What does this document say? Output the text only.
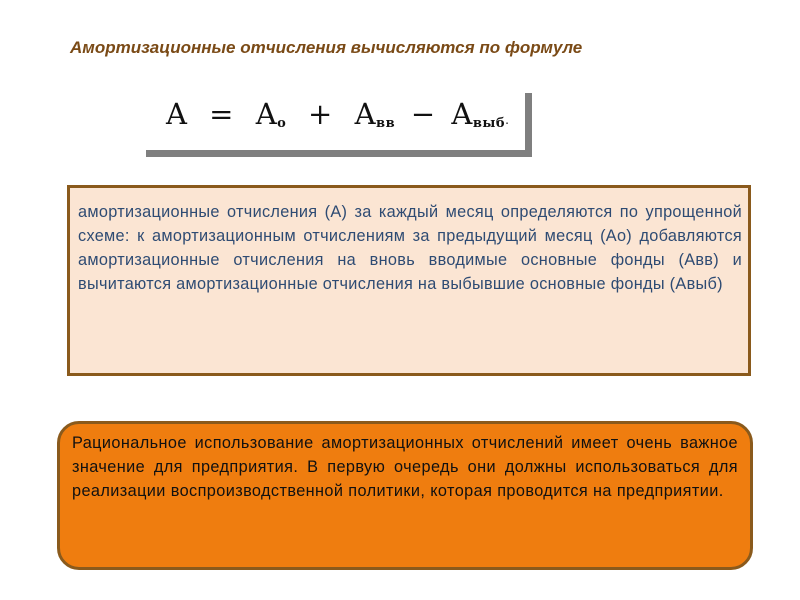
Амортизационные отчисления вычисляются по формуле
$A = A_o + A_{вв} - A_{выб}$.

амортизационные отчисления (А) за каждый месяц определяются по упрощенной схеме: к амортизационным отчислениям за предыдущий месяц (Ао) добавляются амортизационные отчисления на вновь вводимые основные фонды (Авв) и вычитаются амортизационные отчисления на выбывшие основные фонды (Авыб)

Рациональное использование амортизационных отчислений имеет очень важное значение для предприятия. В первую очередь они должны использоваться для реализации воспроизводственной политики, которая проводится на предприятии.
